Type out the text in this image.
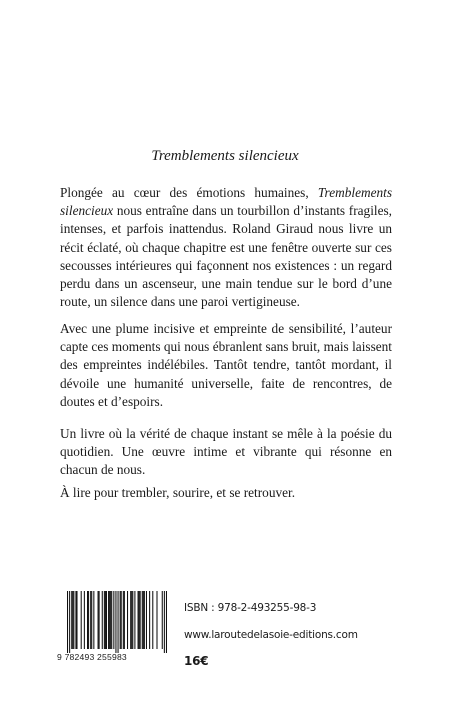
Tremblements silencieux

Plongée au cœur des émotions humaines, Tremblements silencieux nous entraîne dans un tourbillon d’instants fragiles, intenses, et parfois inattendus. Roland Giraud nous livre un récit éclaté, où chaque chapitre est une fenêtre ouverte sur ces secousses intérieures qui façonnent nos existences : un regard perdu dans un ascenseur, une main tendue sur le bord d’une route, un silence dans une paroi vertigineuse.

Avec une plume incisive et empreinte de sensibilité, l’auteur capte ces moments qui nous ébranlent sans bruit, mais laissent des empreintes indélébiles. Tantôt tendre, tantôt mordant, il dévoile une humanité universelle, faite de rencontres, de doutes et d’espoirs.

Un livre où la vérité de chaque instant se mêle à la poésie du quotidien. Une œuvre intime et vibrante qui résonne en chacun de nous.

À lire pour trembler, sourire, et se retrouver.

9 782493 255983

ISBN : 978-2-493255-98-3

www.laroutedelasoie-editions.com

16€
